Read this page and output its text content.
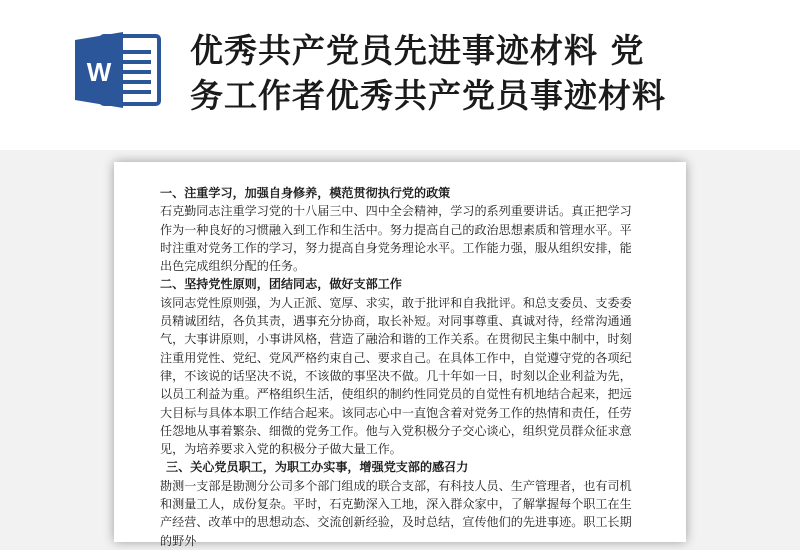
W
优秀共产党员先进事迹材料 党
务工作者优秀共产党员事迹材料

一、注重学习，加强自身修养，模范贯彻执行党的政策

石克勤同志注重学习党的十八届三中、四中全会精神，学习的系列重要讲话。真正把学习作为一种良好的习惯融入到工作和生活中。努力提高自己的政治思想素质和管理水平。平时注重对党务工作的学习，努力提高自身党务理论水平。工作能力强，服从组织安排，能出色完成组织分配的任务。

二、坚持党性原则，团结同志，做好支部工作

该同志党性原则强，为人正派、宽厚、求实，敢于批评和自我批评。和总支委员、支委委员精诚团结，各负其责，遇事充分协商，取长补短。对同事尊重、真诚对待，经常沟通通气，大事讲原则，小事讲风格，营造了融洽和谐的工作关系。在贯彻民主集中制中，时刻注重用党性、党纪、党风严格约束自己、要求自己。在具体工作中，自觉遵守党的各项纪律，不该说的话坚决不说，不该做的事坚决不做。几十年如一日，时刻以企业利益为先，以员工利益为重。严格组织生活，使组织的制约性同党员的自觉性有机地结合起来，把远大目标与具体本职工作结合起来。该同志心中一直饱含着对党务工作的热情和责任，任劳任怨地从事着繁杂、细微的党务工作。他与入党积极分子交心谈心，组织党员群众征求意见，为培养要求入党的积极分子做大量工作。

三、关心党员职工，为职工办实事，增强党支部的感召力

勘测一支部是勘测分公司多个部门组成的联合支部，有科技人员、生产管理者，也有司机和测量工人，成份复杂。平时，石克勤深入工地，深入群众家中，了解掌握每个职工在生产经营、改革中的思想动态、交流创新经验，及时总结，宣传他们的先进事迹。职工长期的野外
